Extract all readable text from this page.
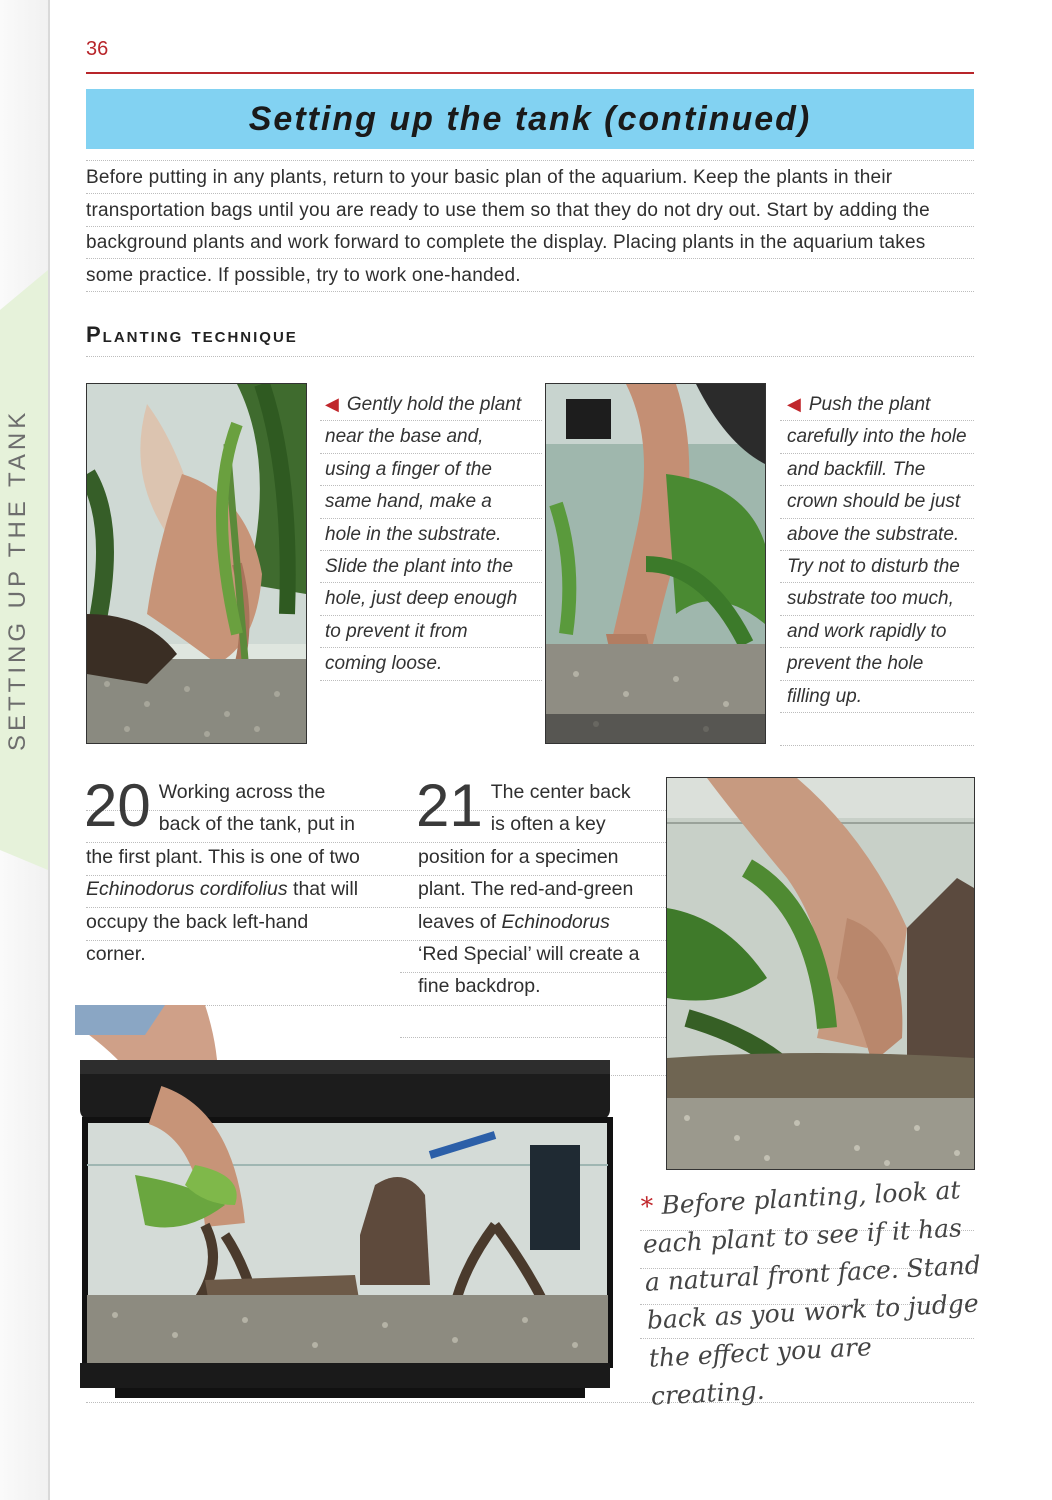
SETTING UP THE TANK
36
Setting up the tank (continued)

Before putting in any plants, return to your basic plan of the aquarium. Keep the plants in their transportation bags until you are ready to use them so that they do not dry out. Start by adding the background plants and work forward to complete the display. Placing plants in the aquarium takes some practice. If possible, try to work one-handed.

Planting technique

◀ Gently hold the plant near the base and, using a finger of the same hand, make a hole in the substrate. Slide the plant into the hole, just deep enough to prevent it from coming loose.

◀ Push the plant carefully into the hole and backfill. The crown should be just above the substrate. Try not to disturb the substrate too much, and work rapidly to prevent the hole filling up.

20 Working across the back of the tank, put in the first plant. This is one of two Echinodorus cordifolius that will occupy the back left-hand corner.

21 The center back is often a key position for a specimen plant. The red-and-green leaves of Echinodorus ‘Red Special’ will create a fine backdrop.

* Before planting, look at each plant to see if it has a natural front face. Stand back as you work to judge the effect you are creating.
